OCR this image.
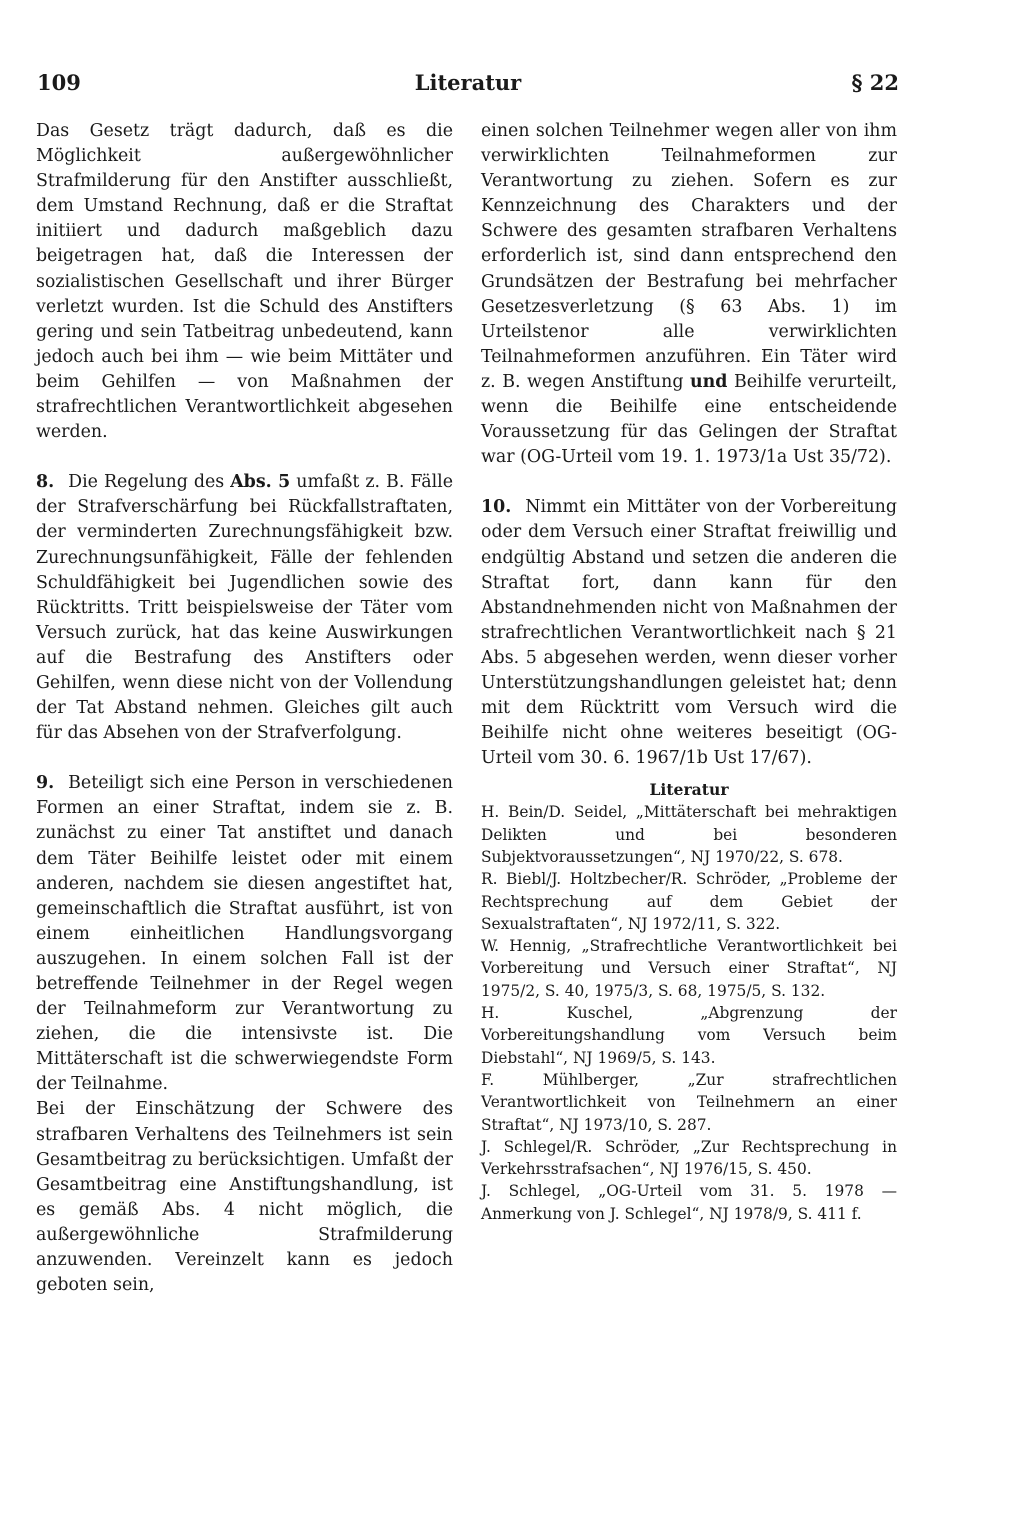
109	Literatur	§ 22

Das Gesetz trägt dadurch, daß es die Möglichkeit außergewöhnlicher Strafmilderung für den Anstifter ausschließt, dem Umstand Rechnung, daß er die Straftat initiiert und dadurch maßgeblich dazu beigetragen hat, daß die Interessen der sozialistischen Gesellschaft und ihrer Bürger verletzt wurden. Ist die Schuld des Anstifters gering und sein Tatbeitrag unbedeutend, kann jedoch auch bei ihm — wie beim Mittäter und beim Gehilfen — von Maßnahmen der strafrechtlichen Verantwortlichkeit abgesehen werden.

8. Die Regelung des Abs. 5 umfaßt z. B. Fälle der Strafverschärfung bei Rückfallstraftaten, der verminderten Zurechnungsfähigkeit bzw. Zurechnungsunfähigkeit, Fälle der fehlenden Schuldfähigkeit bei Jugendlichen sowie des Rücktritts. Tritt beispielsweise der Täter vom Versuch zurück, hat das keine Auswirkungen auf die Bestrafung des Anstifters oder Gehilfen, wenn diese nicht von der Vollendung der Tat Abstand nehmen. Gleiches gilt auch für das Absehen von der Strafverfolgung.

9. Beteiligt sich eine Person in verschiedenen Formen an einer Straftat, indem sie z. B. zunächst zu einer Tat anstiftet und danach dem Täter Beihilfe leistet oder mit einem anderen, nachdem sie diesen angestiftet hat, gemeinschaftlich die Straftat ausführt, ist von einem einheitlichen Handlungsvorgang auszugehen. In einem solchen Fall ist der betreffende Teilnehmer in der Regel wegen der Teilnahmeform zur Verantwortung zu ziehen, die die intensivste ist. Die Mittäterschaft ist die schwerwiegendste Form der Teilnahme.

Bei der Einschätzung der Schwere des strafbaren Verhaltens des Teilnehmers ist sein Gesamtbeitrag zu berücksichtigen. Umfaßt der Gesamtbeitrag eine Anstiftungshandlung, ist es gemäß Abs. 4 nicht möglich, die außergewöhnliche Strafmilderung anzuwenden. Vereinzelt kann es jedoch geboten sein,

einen solchen Teilnehmer wegen aller von ihm verwirklichten Teilnahmeformen zur Verantwortung zu ziehen. Sofern es zur Kennzeichnung des Charakters und der Schwere des gesamten strafbaren Verhaltens erforderlich ist, sind dann entsprechend den Grundsätzen der Bestrafung bei mehrfacher Gesetzesverletzung (§ 63 Abs. 1) im Urteilstenor alle verwirklichten Teilnahmeformen anzuführen. Ein Täter wird z. B. wegen Anstiftung und Beihilfe verurteilt, wenn die Beihilfe eine entscheidende Voraussetzung für das Gelingen der Straftat war (OG-Urteil vom 19. 1. 1973/1a Ust 35/72).

10. Nimmt ein Mittäter von der Vorbereitung oder dem Versuch einer Straftat freiwillig und endgültig Abstand und setzen die anderen die Straftat fort, dann kann für den Abstandnehmenden nicht von Maßnahmen der strafrechtlichen Verantwortlichkeit nach § 21 Abs. 5 abgesehen werden, wenn dieser vorher Unterstützungshandlungen geleistet hat; denn mit dem Rücktritt vom Versuch wird die Beihilfe nicht ohne weiteres beseitigt (OG-Urteil vom 30. 6. 1967/1b Ust 17/67).

Literatur
H. Bein/D. Seidel, „Mittäterschaft bei mehraktigen Delikten und bei besonderen Subjektvoraussetzungen“, NJ 1970/22, S. 678.
R. Biebl/J. Holtzbecher/R. Schröder, „Probleme der Rechtsprechung auf dem Gebiet der Sexualstraftaten“, NJ 1972/11, S. 322.
W. Hennig, „Strafrechtliche Verantwortlichkeit bei Vorbereitung und Versuch einer Straftat“, NJ 1975/2, S. 40, 1975/3, S. 68, 1975/5, S. 132.
H. Kuschel, „Abgrenzung der Vorbereitungshandlung vom Versuch beim Diebstahl“, NJ 1969/5, S. 143.
F. Mühlberger, „Zur strafrechtlichen Verantwortlichkeit von Teilnehmern an einer Straftat“, NJ 1973/10, S. 287.
J. Schlegel/R. Schröder, „Zur Rechtsprechung in Verkehrsstrafsachen“, NJ 1976/15, S. 450.
J. Schlegel, „OG-Urteil vom 31. 5. 1978 — Anmerkung von J. Schlegel“, NJ 1978/9, S. 411 f.
